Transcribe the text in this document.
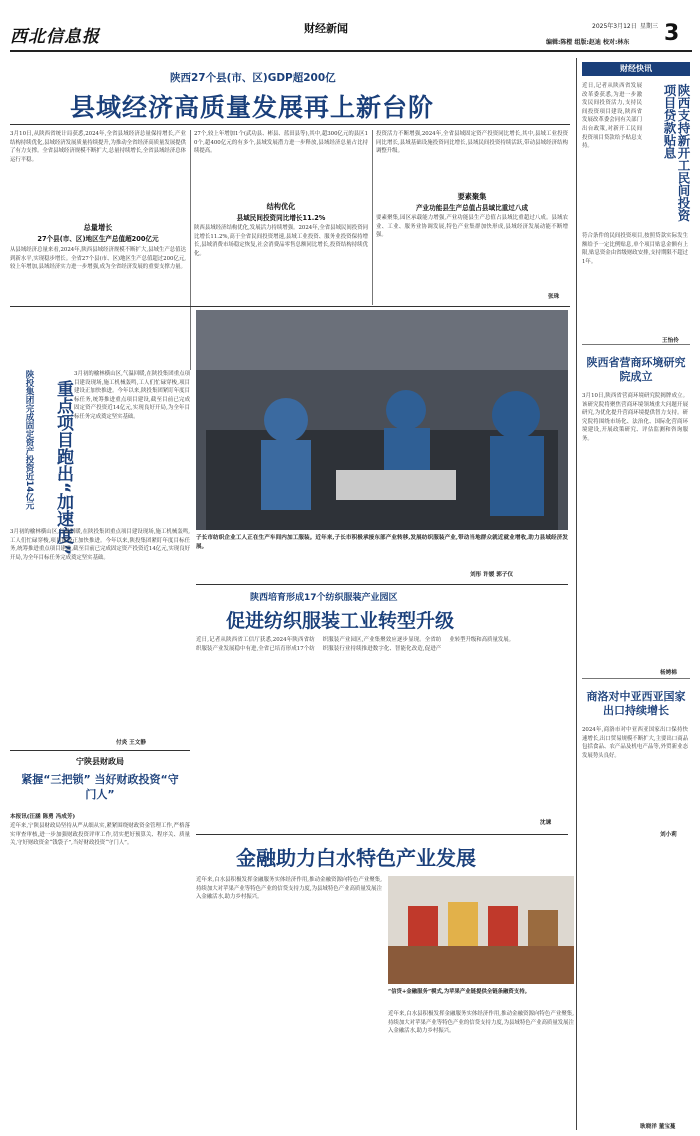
西北信息报	财经新闻	2025年3月12日 星期三 3
编辑:陈橙 组版:赵迪 校对:林东
陕西27个县(市、区)GDP超200亿
县域经济高质量发展再上新台阶
3月10日,从陕西省统计局获悉,2024年,全省县域经济总量保持增长,产业结构持续优化,县域经济发展质量持续提升,为推动全省经济高质量发展提供了有力支撑。全省县域经济规模不断扩大,总量持续增长,全省县域经济总体运行平稳。
总量增长
27个县(市、区)地区生产总值超200亿元
从县域经济总量来看,2024年,陕西县域经济规模不断扩大,县域生产总值达到新水平,实现稳步增长。全省27个县(市、区)地区生产总值超过200亿元,较上年增加,县域经济实力进一步增强,成为全省经济发展的重要支撑力量。
27个,较上年增加1个(武功县、彬县、蓝田县等),其中,超300亿元的县区10个,超400亿元的有多个,县域发展潜力进一步释放,县域经济总量占比持续提高。
结构优化
县域民间投资同比增长11.2%
陕西县域经济结构优化,发展活力持续增强。2024年,全省县域民间投资同比增长11.2%,高于全省民间投资增速,县域工业投资、服务业投资保持增长,县域消费市场稳定恢复,社会消费品零售总额同比增长,投资结构持续优化。
投资活力不断增强,2024年,全省县域固定资产投资同比增长,其中,县域工业投资同比增长,县域基础设施投资同比增长,县域民间投资持续活跃,带动县域经济结构调整升级。
要素聚集
产业功能县生产总值占县域比重过八成
要素聚集,园区承载能力增强,产业功能县生产总值占县域比重超过八成。县域农业、工业、服务业协调发展,特色产业集群加快形成,县域经济发展动能不断增强。
张珠
财经快讯
陕西支持新开工民间投资项目贷款贴息
近日,记者从陕西省发展改革委获悉,为进一步激发民间投资活力,支持民间投资项目建设,陕西省发展改革委会同有关部门出台政策,对新开工民间投资项目贷款给予贴息支持。
符合条件的民间投资项目,按照贷款实际发生额给予一定比例贴息,单个项目贴息金额有上限,贴息资金由省级财政安排,支持期限不超过1年。
王怡伶
陕西省营商环境研究院成立
3月10日,陕西省营商环境研究院揭牌成立。该研究院将聚焦营商环境领域重大问题开展研究,为优化提升营商环境提供智力支持。研究院将围绕市场化、法治化、国际化营商环境建设,开展政策研究、评估监测和咨询服务。
杨娉棉
商洛对中亚西亚国家出口持续增长
2024年,商洛市对中亚西亚国家出口保持快速增长,出口贸易规模不断扩大,主要出口商品包括食品、农产品及机电产品等,外贸新业态发展势头良好。
刘小莉
陕投集团完成固定资产投资近14亿元	重点项目跑出“加速度”
3月初的榆林横山区,气温回暖,在陕投集团重点项目建设现场,施工机械轰鸣,工人们忙碌穿梭,项目建设正加快推进。今年以来,陕投集团紧盯年度目标任务,统筹推进重点项目建设,截至目前已完成固定资产投资近14亿元,实现良好开局,为全年目标任务完成奠定坚实基础。
3月初的榆林横山区,气温回暖,在陕投集团重点项目建设现场,施工机械轰鸣,工人们忙碌穿梭,项目建设正加快推进。今年以来,陕投集团紧盯年度目标任务,统筹推进重点项目建设,截至目前已完成固定资产投资近14亿元,实现良好开局,为全年目标任务完成奠定坚实基础。
付炎 王文静
子长市纺织企业工人正在生产车间内加工服装。近年来,子长市积极承接东部产业转移,发展纺织服装产业,带动当地群众就近就业增收,助力县域经济发展。
刘彤 许媛 郭子仪
陕西培育形成17个纺织服装产业园区
促进纺织服装工业转型升级
近日,记者从陕西省工信厅获悉,2024年陕西省纺织服装产业发展稳中有进,全省已培育形成17个纺织服装产业园区,产业集聚效应逐步显现。全省纺织服装行业持续推进数字化、智能化改造,促进产业转型升级和高质量发展。
沈谏
宁陕县财政局
紧握“三把锁” 当好财政投资“守门人”
本报讯(汪涵 陈勇 冯成芳)
近年来,宁陕县财政局坚持从严从细从实,紧紧围绕财政资金管理工作,严格落实审查审核,进一步加强财政投资评审工作,切实把好预算关、程序关、质量关,守好财政资金“钱袋子”,当好财政投资“守门人”。
金融助力白水特色产业发展
近年来,白水县积极发挥金融服务实体经济作用,推动金融资源向特色产业聚集,持续加大对苹果产业等特色产业的信贷支持力度,为县域特色产业高质量发展注入金融活水,助力乡村振兴。
“信贷+金融服务”模式,为苹果产业链提供全链条融资支持。
近年来,白水县积极发挥金融服务实体经济作用,推动金融资源向特色产业聚集,持续加大对苹果产业等特色产业的信贷支持力度,为县域特色产业高质量发展注入金融活水,助力乡村振兴。
耿晓洋 董宝蔓
